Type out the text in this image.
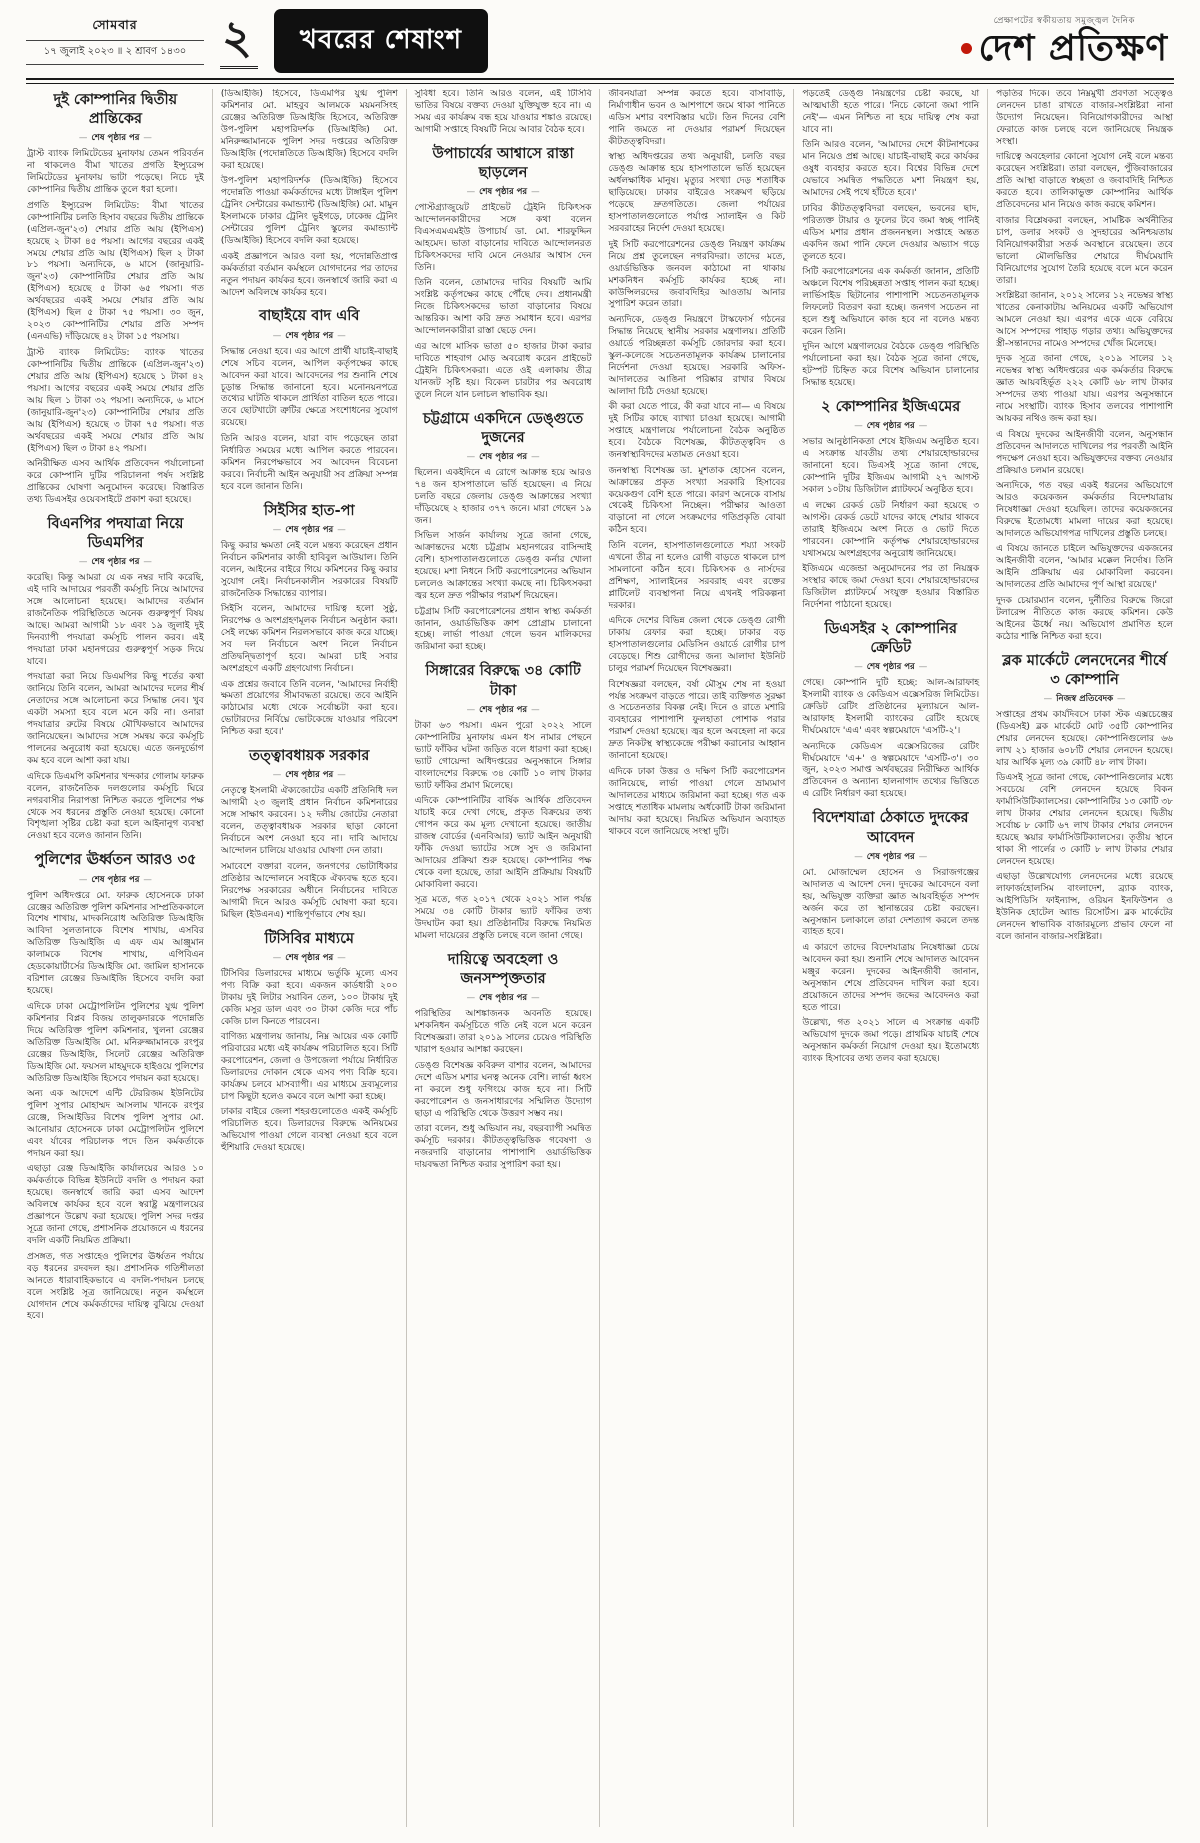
সোমবার
১৭ জুলাই ২০২৩ ॥ ২ শ্রাবণ ১৪৩০ ২	খবরের শেষাংশ
প্রেক্ষাপটের স্বকীয়তায় সমুজ্জ্বল দৈনিক
দেশ প্রতিক্ষণ
দুই কোম্পানির দ্বিতীয় প্রান্তিকের
— শেষ পৃষ্ঠার পর —

ট্রাস্ট ব্যাংক লিমিটেডের মুনাফায় তেমন পরিবর্তন না থাকলেও বীমা খাতের প্রগতি ইন্স্যুরেন্স লিমিটেডের মুনাফায় ভাটা পড়েছে। নিচে দুই কোম্পানির দ্বিতীয় প্রান্তিক তুলে ধরা হলো।

প্রগতি ইন্স্যুরেন্স লিমিটেড: বীমা খাতের কোম্পানিটির চলতি হিসাব বছরের দ্বিতীয় প্রান্তিকে (এপ্রিল-জুন'২৩) শেয়ার প্রতি আয় (ইপিএস) হয়েছে ২ টাকা ৪৫ পয়সা। আগের বছরের একই সময়ে শেয়ার প্রতি আয় (ইপিএস) ছিল ২ টাকা ৮১ পয়সা। অন্যদিকে, ৬ মাসে (জানুয়ারি-জুন'২৩) কোম্পানিটির শেয়ার প্রতি আয় (ইপিএস) হয়েছে ৫ টাকা ৬৫ পয়সা। গত অর্থবছরের একই সময়ে শেয়ার প্রতি আয় (ইপিএস) ছিল ৫ টাকা ৭৫ পয়সা। ৩০ জুন, ২০২৩ কোম্পানিটির শেয়ার প্রতি সম্পদ (এনএভি) দাঁড়িয়েছে ৪২ টাকা ১৫ পয়সায়।

ট্রাস্ট ব্যাংক লিমিটেড: ব্যাংক খাতের কোম্পানিটির দ্বিতীয় প্রান্তিকে (এপ্রিল-জুন'২৩) শেয়ার প্রতি আয় (ইপিএস) হয়েছে ১ টাকা ৪২ পয়সা। আগের বছরের একই সময়ে শেয়ার প্রতি আয় ছিল ১ টাকা ৩২ পয়সা। অন্যদিকে, ৬ মাসে (জানুয়ারি-জুন'২৩) কোম্পানিটির শেয়ার প্রতি আয় (ইপিএস) হয়েছে ৩ টাকা ৭৫ পয়সা। গত অর্থবছরের একই সময়ে শেয়ার প্রতি আয় (ইপিএস) ছিল ৩ টাকা ৪২ পয়সা।

অনিরীক্ষিত এসব আর্থিক প্রতিবেদন পর্যালোচনা করে কোম্পানি দুটির পরিচালনা পর্ষদ সংশ্লিষ্ট প্রান্তিকের ঘোষণা অনুমোদন করেছে। বিস্তারিত তথ্য ডিএসইর ওয়েবসাইটে প্রকাশ করা হয়েছে।

বিএনপির পদযাত্রা নিয়ে ডিএমপির
— শেষ পৃষ্ঠার পর —

করেছি। কিন্তু আমরা যে এক নম্বর দাবি করেছি, এই দাবি আদায়ের পরবর্তী কর্মসূচি নিয়ে আমাদের সঙ্গে আলোচনা হয়েছে। আমাদের বর্তমান রাজনৈতিক পরিস্থিতিতে অনেক গুরুত্বপূর্ণ বিষয় আছে। আমরা আগামী ১৮ এবং ১৯ জুলাই দুই দিনব্যাপী পদযাত্রা কর্মসূচি পালন করব। এই পদযাত্রা ঢাকা মহানগরের গুরুত্বপূর্ণ সড়ক দিয়ে যাবে।

পদযাত্রা করা নিয়ে ডিএমপির কিছু শর্তের কথা জানিয়ে তিনি বলেন, আমরা আমাদের দলের শীর্ষ নেতাদের সঙ্গে আলোচনা করে সিদ্ধান্ত নেব। খুব একটা সমস্যা হবে বলে মনে করি না। ওনারা পদযাত্রার রুটের বিষয়ে মৌখিকভাবে আমাদের জানিয়েছেন। আমাদের সঙ্গে সমন্বয় করে কর্মসূচি পালনের অনুরোধ করা হয়েছে। এতে জনদুর্ভোগ কম হবে বলে আশা করা যায়।

এদিকে ডিএমপি কমিশনার খন্দকার গোলাম ফারুক বলেন, রাজনৈতিক দলগুলোর কর্মসূচি ঘিরে নগরবাসীর নিরাপত্তা নিশ্চিত করতে পুলিশের পক্ষ থেকে সব ধরনের প্রস্তুতি নেওয়া হয়েছে। কোনো বিশৃঙ্খলা সৃষ্টির চেষ্টা করা হলে আইনানুগ ব্যবস্থা নেওয়া হবে বলেও জানান তিনি।

পুলিশের ঊর্ধ্বতন আরও ৩৫
— শেষ পৃষ্ঠার পর —

পুলিশ অধিদপ্তরে মো. ফারুক হোসেনকে ঢাকা রেঞ্জের অতিরিক্ত পুলিশ কমিশনার সাম্প্রতিককালে বিশেষ শাখায়, মাদকনিরোধ অতিরিক্ত ডিআইজি আবিদা সুলতানাকে বিশেষ শাখায়, এসবির অতিরিক্ত ডিআইজি এ এফ এম আঞ্জুমান কালামকে বিশেষ শাখায়, এপিবিএন হেডকোয়ার্টার্সের ডিআইজি মো. জামিল হাসানকে বরিশাল রেঞ্জের ডিআইজি হিসেবে বদলি করা হয়েছে।

এদিকে ঢাকা মেট্রোপলিটন পুলিশের যুগ্ম পুলিশ কমিশনার বিপ্লব বিজয় তালুকদারকে পদোন্নতি দিয়ে অতিরিক্ত পুলিশ কমিশনার, খুলনা রেঞ্জের অতিরিক্ত ডিআইজি মো. মনিরুজ্জামানকে রংপুর রেঞ্জের ডিআইজি, সিলেট রেঞ্জের অতিরিক্ত ডিআইজি মো. ফয়সল মাহমুদকে হাইওয়ে পুলিশের অতিরিক্ত ডিআইজি হিসেবে পদায়ন করা হয়েছে।

অন্য এক আদেশে এন্টি টেররিজম ইউনিটের পুলিশ সুপার মোহাম্মদ আসলাম খানকে রংপুর রেঞ্জে, সিআইডির বিশেষ পুলিশ সুপার মো. আনোয়ার হোসেনকে ঢাকা মেট্রোপলিটন পুলিশে এবং র্যাবের পরিচালক পদে তিন কর্মকর্তাকে পদায়ন করা হয়।

এছাড়া রেঞ্জ ডিআইজি কার্যালয়ের আরও ১০ কর্মকর্তাকে বিভিন্ন ইউনিটে বদলি ও পদায়ন করা হয়েছে। জনস্বার্থে জারি করা এসব আদেশ অবিলম্বে কার্যকর হবে বলে স্বরাষ্ট্র মন্ত্রণালয়ের প্রজ্ঞাপনে উল্লেখ করা হয়েছে। পুলিশ সদর দপ্তর সূত্রে জানা গেছে, প্রশাসনিক প্রয়োজনে এ ধরনের বদলি একটি নিয়মিত প্রক্রিয়া।

প্রসঙ্গত, গত সপ্তাহেও পুলিশের ঊর্ধ্বতন পর্যায়ে বড় ধরনের রদবদল হয়। প্রশাসনিক গতিশীলতা আনতে ধারাবাহিকভাবে এ বদলি-পদায়ন চলছে বলে সংশ্লিষ্ট সূত্র জানিয়েছে। নতুন কর্মস্থলে যোগদান শেষে কর্মকর্তাদের দায়িত্ব বুঝিয়ে দেওয়া হবে।

(ডিআইজি) হিসেবে, ডিএমপির যুগ্ম পুলিশ কমিশনার মো. মাহবুব আলমকে ময়মনসিংহ রেঞ্জের অতিরিক্ত ডিআইজি হিসেবে, অতিরিক্ত উপ-পুলিশ মহাপরিদর্শক (ডিআইজি) মো. মনিরুজ্জামানকে পুলিশ সদর দপ্তরের অতিরিক্ত ডিআইজি (পদোন্নতিতে ডিআইজি) হিসেবে বদলি করা হয়েছে।

উপ-পুলিশ মহাপরিদর্শক (ডিআইজি) হিসেবে পদোন্নতি পাওয়া কর্মকর্তাদের মধ্যে টাঙ্গাইল পুলিশ ট্রেনিং সেন্টারের কমান্ড্যান্ট (ডিআইজি) মো. মামুন ইসলামকে ঢাকার ট্রেনিং ভুইগড়ে, ঢাকেন্দ্র ট্রেনিং সেন্টারের পুলিশ ট্রেনিং স্কুলের কমান্ড্যান্ট (ডিআইজি) হিসেবে বদলি করা হয়েছে।

একই প্রজ্ঞাপনে আরও বলা হয়, পদোন্নতিপ্রাপ্ত কর্মকর্তারা বর্তমান কর্মস্থলে যোগদানের পর তাদের নতুন পদায়ন কার্যকর হবে। জনস্বার্থে জারি করা এ আদেশ অবিলম্বে কার্যকর হবে।

বাছাইয়ে বাদ এবি
— শেষ পৃষ্ঠার পর —

সিদ্ধান্ত নেওয়া হবে। এর আগে প্রার্থী যাচাই-বাছাই শেষে সচিব বলেন, আপিল কর্তৃপক্ষের কাছে আবেদন করা যাবে। আবেদনের পর শুনানি শেষে চূড়ান্ত সিদ্ধান্ত জানানো হবে। মনোনয়নপত্রে তথ্যের ঘাটতি থাকলে প্রার্থিতা বাতিল হতে পারে। তবে ছোটখাটো ত্রুটির ক্ষেত্রে সংশোধনের সুযোগ রয়েছে।

তিনি আরও বলেন, যারা বাদ পড়েছেন তারা নির্ধারিত সময়ের মধ্যে আপিল করতে পারবেন। কমিশন নিরপেক্ষভাবে সব আবেদন বিবেচনা করবে। নির্বাচনী আইন অনুযায়ী সব প্রক্রিয়া সম্পন্ন হবে বলে জানান তিনি।

সিইসির হাত-পা
— শেষ পৃষ্ঠার পর —

কিছু করার ক্ষমতা নেই বলে মন্তব্য করেছেন প্রধান নির্বাচন কমিশনার কাজী হাবিবুল আউয়াল। তিনি বলেন, আইনের বাইরে গিয়ে কমিশনের কিছু করার সুযোগ নেই। নির্বাচনকালীন সরকারের বিষয়টি রাজনৈতিক সিদ্ধান্তের ব্যাপার।

সিইসি বলেন, আমাদের দায়িত্ব হলো সুষ্ঠু, নিরপেক্ষ ও অংশগ্রহণমূলক নির্বাচন অনুষ্ঠান করা। সেই লক্ষ্যে কমিশন নিরলসভাবে কাজ করে যাচ্ছে। সব দল নির্বাচনে অংশ নিলে নির্বাচন প্রতিদ্বন্দ্বিতাপূর্ণ হবে। আমরা চাই সবার অংশগ্রহণে একটি গ্রহণযোগ্য নির্বাচন।

এক প্রশ্নের জবাবে তিনি বলেন, 'আমাদের নির্বাহী ক্ষমতা প্রয়োগের সীমাবদ্ধতা রয়েছে। তবে আইনি কাঠামোর মধ্যে থেকে সর্বোচ্চটা করা হবে। ভোটারদের নির্বিঘ্নে ভোটকেন্দ্রে যাওয়ার পরিবেশ নিশ্চিত করা হবে।'

তত্ত্বাবধায়ক সরকার
— শেষ পৃষ্ঠার পর —

নেতৃত্বে ইসলামী ঐক্যজোটের একটি প্রতিনিধি দল আগামী ২৩ জুলাই প্রধান নির্বাচন কমিশনারের সঙ্গে সাক্ষাৎ করবেন। ১২ দলীয় জোটের নেতারা বলেন, তত্ত্বাবধায়ক সরকার ছাড়া কোনো নির্বাচনে অংশ নেওয়া হবে না। দাবি আদায়ে আন্দোলন চালিয়ে যাওয়ার ঘোষণা দেন তারা।

সমাবেশে বক্তারা বলেন, জনগণের ভোটাধিকার প্রতিষ্ঠার আন্দোলনে সবাইকে ঐক্যবদ্ধ হতে হবে। নিরপেক্ষ সরকারের অধীনে নির্বাচনের দাবিতে আগামী দিনে আরও কর্মসূচি ঘোষণা করা হবে। মিছিল (ইউএনএ) শান্তিপূর্ণভাবে শেষ হয়।

টিসিবির মাধ্যমে
— শেষ পৃষ্ঠার পর —

টিসিবির ডিলারদের মাধ্যমে ভর্তুকি মূল্যে এসব পণ্য বিক্রি করা হবে। একজন কার্ডধারী ২০০ টাকায় দুই লিটার সয়াবিন তেল, ১০০ টাকায় দুই কেজি মসুর ডাল এবং ৩০ টাকা কেজি দরে পাঁচ কেজি চাল কিনতে পারবেন।

বাণিজ্য মন্ত্রণালয় জানায়, নিম্ন আয়ের এক কোটি পরিবারের মধ্যে এই কার্যক্রম পরিচালিত হবে। সিটি করপোরেশন, জেলা ও উপজেলা পর্যায়ে নির্ধারিত ডিলারদের দোকান থেকে এসব পণ্য বিক্রি হবে। কার্যক্রম চলবে মাসব্যাপী। এর মাধ্যমে দ্রব্যমূল্যের চাপ কিছুটা হলেও কমবে বলে আশা করা হচ্ছে।

ঢাকার বাইরে জেলা শহরগুলোতেও একই কর্মসূচি পরিচালিত হবে। ডিলারদের বিরুদ্ধে অনিয়মের অভিযোগ পাওয়া গেলে ব্যবস্থা নেওয়া হবে বলে হুঁশিয়ারি দেওয়া হয়েছে।

সুবিধা হবে। তিনি আরও বলেন, এই টিসিবি ভাতির বিষয়ে বক্তব্য দেওয়া যুক্তিযুক্ত হবে না। এ সময় এর কার্যক্রম বন্ধ হয়ে যাওয়ার শঙ্কাও রয়েছে। আগামী সপ্তাহে বিষয়টি নিয়ে আবার বৈঠক হবে।

উপাচার্যের আশ্বাসে রাস্তা ছাড়লেন
— শেষ পৃষ্ঠার পর —

পোস্টগ্র্যাজুয়েট প্রাইভেট ট্রেইনি চিকিৎসক আন্দোলনকারীদের সঙ্গে কথা বলেন বিএসএমএমইউ উপাচার্য ডা. মো. শারফুদ্দিন আহমেদ। ভাতা বাড়ানোর দাবিতে আন্দোলনরত চিকিৎসকদের দাবি মেনে নেওয়ার আশ্বাস দেন তিনি।

তিনি বলেন, তোমাদের দাবির বিষয়টি আমি সংশ্লিষ্ট কর্তৃপক্ষের কাছে পৌঁছে দেব। প্রধানমন্ত্রী নিজে চিকিৎসকদের ভাতা বাড়ানোর বিষয়ে আন্তরিক। আশা করি দ্রুত সমাধান হবে। এরপর আন্দোলনকারীরা রাস্তা ছেড়ে দেন।

এর আগে মাসিক ভাতা ৫০ হাজার টাকা করার দাবিতে শাহবাগ মোড় অবরোধ করেন প্রাইভেট ট্রেইনি চিকিৎসকরা। এতে ওই এলাকায় তীব্র যানজট সৃষ্টি হয়। বিকেল চারটার পর অবরোধ তুলে নিলে যান চলাচল স্বাভাবিক হয়।

চট্টগ্রামে একদিনে ডেঙ্গুতে দুজনের
— শেষ পৃষ্ঠার পর —

ছিলেন। একইদিনে এ রোগে আক্রান্ত হয়ে আরও ৭৪ জন হাসপাতালে ভর্তি হয়েছেন। এ নিয়ে চলতি বছরে জেলায় ডেঙ্গু আক্রান্তের সংখ্যা দাঁড়িয়েছে ২ হাজার ৩৭৭ জনে। মারা গেছেন ১৯ জন।

সিভিল সার্জন কার্যালয় সূত্রে জানা গেছে, আক্রান্তদের মধ্যে চট্টগ্রাম মহানগরের বাসিন্দাই বেশি। হাসপাতালগুলোতে ডেঙ্গু কর্নার খোলা হয়েছে। মশা নিধনে সিটি করপোরেশনের অভিযান চললেও আক্রান্তের সংখ্যা কমছে না। চিকিৎসকরা জ্বর হলে দ্রুত পরীক্ষার পরামর্শ দিয়েছেন।

চট্টগ্রাম সিটি করপোরেশনের প্রধান স্বাস্থ্য কর্মকর্তা জানান, ওয়ার্ডভিত্তিক ক্রাশ প্রোগ্রাম চালানো হচ্ছে। লার্ভা পাওয়া গেলে ভবন মালিকদের জরিমানা করা হচ্ছে।

সিঙ্গারের বিরুদ্ধে ৩৪ কোটি টাকা
— শেষ পৃষ্ঠার পর —

টাকা ৬৩ পয়সা। এমন পুরো ২০২২ সালে কোম্পানিটির মুনাফায় এমন ধস নামার পেছনে ভ্যাট ফাঁকির ঘটনা জড়িত বলে ধারণা করা হচ্ছে। ভ্যাট গোয়েন্দা অধিদপ্তরের অনুসন্ধানে সিঙ্গার বাংলাদেশের বিরুদ্ধে ৩৪ কোটি ১০ লাখ টাকার ভ্যাট ফাঁকির প্রমাণ মিলেছে।

এদিকে কোম্পানিটির বার্ষিক আর্থিক প্রতিবেদন যাচাই করে দেখা গেছে, প্রকৃত বিক্রয়ের তথ্য গোপন করে কম মূল্য দেখানো হয়েছে। জাতীয় রাজস্ব বোর্ডের (এনবিআর) ভ্যাট আইন অনুযায়ী ফাঁকি দেওয়া ভ্যাটের সঙ্গে সুদ ও জরিমানা আদায়ের প্রক্রিয়া শুরু হয়েছে। কোম্পানির পক্ষ থেকে বলা হয়েছে, তারা আইনি প্রক্রিয়ায় বিষয়টি মোকাবিলা করবে।

সূত্র মতে, গত ২০১৭ থেকে ২০২১ সাল পর্যন্ত সময়ে ৩৪ কোটি টাকার ভ্যাট ফাঁকির তথ্য উদঘাটন করা হয়। প্রতিষ্ঠানটির বিরুদ্ধে নিয়মিত মামলা দায়েরের প্রস্তুতি চলছে বলে জানা গেছে।

দায়িত্বে অবহেলা ও জনসম্পৃক্ততার
— শেষ পৃষ্ঠার পর —

পরিস্থিতির আশঙ্কাজনক অবনতি হয়েছে। মশকনিধন কর্মসূচিতে গতি নেই বলে মনে করেন বিশেষজ্ঞরা। তারা ২০১৯ সালের চেয়েও পরিস্থিতি খারাপ হওয়ার আশঙ্কা করছেন।

ডেঙ্গু বিশেষজ্ঞ কবিরুল বাশার বলেন, আমাদের দেশে এডিস মশার ঘনত্ব অনেক বেশি। লার্ভা ধ্বংস না করলে শুধু ফগিংয়ে কাজ হবে না। সিটি করপোরেশন ও জনসাধারণের সম্মিলিত উদ্যোগ ছাড়া এ পরিস্থিতি থেকে উত্তরণ সম্ভব নয়।

তারা বলেন, শুধু অভিযান নয়, বছরব্যাপী সমন্বিত কর্মসূচি দরকার। কীটতত্ত্বভিত্তিক গবেষণা ও নজরদারি বাড়ানোর পাশাপাশি ওয়ার্ডভিত্তিক দায়বদ্ধতা নিশ্চিত করার সুপারিশ করা হয়।

জীবনযাত্রা সম্পন্ন করতে হবে। বাসাবাড়ি, নির্মাণাধীন ভবন ও আশপাশে জমে থাকা পানিতে এডিস মশার বংশবিস্তার ঘটে। তিন দিনের বেশি পানি জমতে না দেওয়ার পরামর্শ দিয়েছেন কীটতত্ত্ববিদরা।

স্বাস্থ্য অধিদপ্তরের তথ্য অনুযায়ী, চলতি বছর ডেঙ্গু আক্রান্ত হয়ে হাসপাতালে ভর্তি হয়েছেন অর্ধলক্ষাধিক মানুষ। মৃত্যুর সংখ্যা দেড় শতাধিক ছাড়িয়েছে। ঢাকার বাইরেও সংক্রমণ ছড়িয়ে পড়েছে দ্রুতগতিতে। জেলা পর্যায়ের হাসপাতালগুলোতে পর্যাপ্ত স্যালাইন ও কিট সরবরাহের নির্দেশ দেওয়া হয়েছে।

দুই সিটি করপোরেশনের ডেঙ্গু নিয়ন্ত্রণ কার্যক্রম নিয়ে প্রশ্ন তুলেছেন নগরবিদরা। তাদের মতে, ওয়ার্ডভিত্তিক জনবল কাঠামো না থাকায় মশকনিধন কর্মসূচি কার্যকর হচ্ছে না। কাউন্সিলরদের জবাবদিহির আওতায় আনার সুপারিশ করেন তারা।

অন্যদিকে, ডেঙ্গু নিয়ন্ত্রণে টাস্কফোর্স গঠনের সিদ্ধান্ত নিয়েছে স্থানীয় সরকার মন্ত্রণালয়। প্রতিটি ওয়ার্ডে পরিচ্ছন্নতা কর্মসূচি জোরদার করা হবে। স্কুল-কলেজে সচেতনতামূলক কার্যক্রম চালানোর নির্দেশনা দেওয়া হয়েছে। সরকারি অফিস-আদালতের আঙিনা পরিষ্কার রাখার বিষয়ে আলাদা চিঠি দেওয়া হয়েছে।

কী করা যেতে পারে, কী করা যাবে না— এ বিষয়ে দুই সিটির কাছে ব্যাখ্যা চাওয়া হয়েছে। আগামী সপ্তাহে মন্ত্রণালয়ে পর্যালোচনা বৈঠক অনুষ্ঠিত হবে। বৈঠকে বিশেষজ্ঞ, কীটতত্ত্ববিদ ও জনস্বাস্থ্যবিদদের মতামত নেওয়া হবে।

জনস্বাস্থ্য বিশেষজ্ঞ ডা. মুশতাক হোসেন বলেন, আক্রান্তের প্রকৃত সংখ্যা সরকারি হিসাবের কয়েকগুণ বেশি হতে পারে। কারণ অনেকে বাসায় থেকেই চিকিৎসা নিচ্ছেন। পরীক্ষার আওতা বাড়ানো না গেলে সংক্রমণের গতিপ্রকৃতি বোঝা কঠিন হবে।

তিনি বলেন, হাসপাতালগুলোতে শয্যা সংকট এখনো তীব্র না হলেও রোগী বাড়তে থাকলে চাপ সামলানো কঠিন হবে। চিকিৎসক ও নার্সদের প্রশিক্ষণ, স্যালাইনের সরবরাহ এবং রক্তের প্লাটিলেট ব্যবস্থাপনা নিয়ে এখনই পরিকল্পনা দরকার।

এদিকে দেশের বিভিন্ন জেলা থেকে ডেঙ্গু রোগী ঢাকায় রেফার করা হচ্ছে। ঢাকার বড় হাসপাতালগুলোর মেডিসিন ওয়ার্ডে রোগীর চাপ বেড়েছে। শিশু রোগীদের জন্য আলাদা ইউনিট চালুর পরামর্শ দিয়েছেন বিশেষজ্ঞরা।

বিশেষজ্ঞরা বলছেন, বর্ষা মৌসুম শেষ না হওয়া পর্যন্ত সংক্রমণ বাড়তে পারে। তাই ব্যক্তিগত সুরক্ষা ও সচেতনতার বিকল্প নেই। দিনে ও রাতে মশারি ব্যবহারের পাশাপাশি ফুলহাতা পোশাক পরার পরামর্শ দেওয়া হয়েছে। জ্বর হলে অবহেলা না করে দ্রুত নিকটস্থ স্বাস্থ্যকেন্দ্রে পরীক্ষা করানোর আহ্বান জানানো হয়েছে।

এদিকে ঢাকা উত্তর ও দক্ষিণ সিটি করপোরেশন জানিয়েছে, লার্ভা পাওয়া গেলে ভ্রাম্যমাণ আদালতের মাধ্যমে জরিমানা করা হচ্ছে। গত এক সপ্তাহে শতাধিক মামলায় অর্ধকোটি টাকা জরিমানা আদায় করা হয়েছে। নিয়মিত অভিযান অব্যাহত থাকবে বলে জানিয়েছে সংস্থা দুটি।

পড়তেই ডেঙ্গু নিয়ন্ত্রণের চেষ্টা করছে, যা আত্মঘাতী হতে পারে। 'নিচে কোনো জমা পানি নেই'— এমন নিশ্চিত না হয়ে দায়িত্ব শেষ করা যাবে না।

তিনি আরও বলেন, 'আমাদের দেশে কীটনাশকের মান নিয়েও প্রশ্ন আছে। যাচাই-বাছাই করে কার্যকর ওষুধ ব্যবহার করতে হবে। বিশ্বের বিভিন্ন দেশে যেভাবে সমন্বিত পদ্ধতিতে মশা নিয়ন্ত্রণ হয়, আমাদের সেই পথে হাঁটতে হবে।'

ঢাবির কীটতত্ত্ববিদরা বলছেন, ভবনের ছাদ, পরিত্যক্ত টায়ার ও ফুলের টবে জমা স্বচ্ছ পানিই এডিস মশার প্রধান প্রজননস্থল। সপ্তাহে অন্তত একদিন জমা পানি ফেলে দেওয়ার অভ্যাস গড়ে তুলতে হবে।

সিটি করপোরেশনের এক কর্মকর্তা জানান, প্রতিটি অঞ্চলে বিশেষ পরিচ্ছন্নতা সপ্তাহ পালন করা হচ্ছে। লার্ভিসাইড ছিটানোর পাশাপাশি সচেতনতামূলক লিফলেট বিতরণ করা হচ্ছে। জনগণ সচেতন না হলে শুধু অভিযানে কাজ হবে না বলেও মন্তব্য করেন তিনি।

দুদিন আগে মন্ত্রণালয়ের বৈঠকে ডেঙ্গু পরিস্থিতি পর্যালোচনা করা হয়। বৈঠক সূত্রে জানা গেছে, হটস্পট চিহ্নিত করে বিশেষ অভিযান চালানোর সিদ্ধান্ত হয়েছে।

২ কোম্পানির ইজিএমের
— শেষ পৃষ্ঠার পর —

সভার আনুষ্ঠানিকতা শেষে ইজিএম অনুষ্ঠিত হবে। এ সংক্রান্ত যাবতীয় তথ্য শেয়ারহোল্ডারদের জানানো হবে। ডিএসই সূত্রে জানা গেছে, কোম্পানি দুটির ইজিএম আগামী ২৭ আগস্ট সকাল ১০টায় ডিজিটাল প্ল্যাটফর্মে অনুষ্ঠিত হবে।

এ লক্ষ্যে রেকর্ড ডেট নির্ধারণ করা হয়েছে ৩ আগস্ট। রেকর্ড ডেটে যাদের কাছে শেয়ার থাকবে তারাই ইজিএমে অংশ নিতে ও ভোট দিতে পারবেন। কোম্পানি কর্তৃপক্ষ শেয়ারহোল্ডারদের যথাসময়ে অংশগ্রহণের অনুরোধ জানিয়েছে।

ইজিএমে এজেন্ডা অনুমোদনের পর তা নিয়ন্ত্রক সংস্থার কাছে জমা দেওয়া হবে। শেয়ারহোল্ডারদের ডিজিটাল প্ল্যাটফর্মে সংযুক্ত হওয়ার বিস্তারিত নির্দেশনা পাঠানো হয়েছে।

ডিএসইর ২ কোম্পানির ক্রেডিট
— শেষ পৃষ্ঠার পর —

গেছে। কোম্পানি দুটি হচ্ছে: আল-আরাফাহ ইসলামী ব্যাংক ও কেডিএস এক্সেসরিজ লিমিটেড। ক্রেডিট রেটিং প্রতিষ্ঠানের মূল্যায়নে আল-আরাফাহ ইসলামী ব্যাংকের রেটিং হয়েছে দীর্ঘমেয়াদে 'এএ' এবং স্বল্পমেয়াদে 'এসটি-২'।

অন্যদিকে কেডিএস এক্সেসরিজের রেটিং দীর্ঘমেয়াদে 'এ+' ও স্বল্পমেয়াদে 'এসটি-৩'। ৩০ জুন, ২০২৩ সমাপ্ত অর্থবছরের নিরীক্ষিত আর্থিক প্রতিবেদন ও অন্যান্য হালনাগাদ তথ্যের ভিত্তিতে এ রেটিং নির্ধারণ করা হয়েছে।

বিদেশযাত্রা ঠেকাতে দুদকের আবেদন
— শেষ পৃষ্ঠার পর —

মো. মোজাম্মেল হোসেন ও সিরাজগঞ্জের আদালত এ আদেশ দেন। দুদকের আবেদনে বলা হয়, অভিযুক্ত ব্যক্তিরা জ্ঞাত আয়বহির্ভূত সম্পদ অর্জন করে তা স্থানান্তরের চেষ্টা করছেন। অনুসন্ধান চলাকালে তারা দেশত্যাগ করলে তদন্ত ব্যাহত হবে।

এ কারণে তাদের বিদেশযাত্রায় নিষেধাজ্ঞা চেয়ে আবেদন করা হয়। শুনানি শেষে আদালত আবেদন মঞ্জুর করেন। দুদকের আইনজীবী জানান, অনুসন্ধান শেষে প্রতিবেদন দাখিল করা হবে। প্রয়োজনে তাদের সম্পদ জব্দের আবেদনও করা হতে পারে।

উল্লেখ্য, গত ২০২১ সালে এ সংক্রান্ত একটি অভিযোগ দুদকে জমা পড়ে। প্রাথমিক যাচাই শেষে অনুসন্ধান কর্মকর্তা নিয়োগ দেওয়া হয়। ইতোমধ্যে ব্যাংক হিসাবের তথ্য তলব করা হয়েছে।

পড়তির দিকে। তবে নিম্নমুখী প্রবণতা সত্ত্বেও লেনদেন চাঙা রাখতে বাজার-সংশ্লিষ্টরা নানা উদ্যোগ নিয়েছেন। বিনিয়োগকারীদের আস্থা ফেরাতে কাজ চলছে বলে জানিয়েছে নিয়ন্ত্রক সংস্থা।

দায়িত্বে অবহেলার কোনো সুযোগ নেই বলে মন্তব্য করেছেন সংশ্লিষ্টরা। তারা বলছেন, পুঁজিবাজারের প্রতি আস্থা বাড়াতে স্বচ্ছতা ও জবাবদিহি নিশ্চিত করতে হবে। তালিকাভুক্ত কোম্পানির আর্থিক প্রতিবেদনের মান নিয়েও কাজ করছে কমিশন।

বাজার বিশ্লেষকরা বলছেন, সামষ্টিক অর্থনীতির চাপ, ডলার সংকট ও সুদহারের অনিশ্চয়তায় বিনিয়োগকারীরা সতর্ক অবস্থানে রয়েছেন। তবে ভালো মৌলভিত্তির শেয়ারে দীর্ঘমেয়াদি বিনিয়োগের সুযোগ তৈরি হয়েছে বলে মনে করেন তারা।

সংশ্লিষ্টরা জানান, ২০১২ সালের ১২ নভেম্বর স্বাস্থ্য খাতের কেনাকাটায় অনিয়মের একটি অভিযোগ আমলে নেওয়া হয়। এরপর একে একে বেরিয়ে আসে সম্পদের পাহাড় গড়ার তথ্য। অভিযুক্তদের স্ত্রী-সন্তানদের নামেও সম্পদের খোঁজ মিলেছে।

দুদক সূত্রে জানা গেছে, ২০১৯ সালের ১২ নভেম্বর স্বাস্থ্য অধিদপ্তরের এক কর্মকর্তার বিরুদ্ধে জ্ঞাত আয়বহির্ভূত ২২২ কোটি ৬৮ লাখ টাকার সম্পদের তথ্য পাওয়া যায়। এরপর অনুসন্ধানে নামে সংস্থাটি। ব্যাংক হিসাব তলবের পাশাপাশি আয়কর নথিও জব্দ করা হয়।

এ বিষয়ে দুদকের আইনজীবী বলেন, অনুসন্ধান প্রতিবেদন আদালতে দাখিলের পর পরবর্তী আইনি পদক্ষেপ নেওয়া হবে। অভিযুক্তদের বক্তব্য নেওয়ার প্রক্রিয়াও চলমান রয়েছে।

অন্যদিকে, গত বছর একই ধরনের অভিযোগে আরও কয়েকজন কর্মকর্তার বিদেশযাত্রায় নিষেধাজ্ঞা দেওয়া হয়েছিল। তাদের কয়েকজনের বিরুদ্ধে ইতোমধ্যে মামলা দায়ের করা হয়েছে। আদালতে অভিযোগপত্র দাখিলের প্রস্তুতি চলছে।

এ বিষয়ে জানতে চাইলে অভিযুক্তদের একজনের আইনজীবী বলেন, 'আমার মক্কেল নির্দোষ। তিনি আইনি প্রক্রিয়ায় এর মোকাবিলা করবেন। আদালতের প্রতি আমাদের পূর্ণ আস্থা রয়েছে।'

দুদক চেয়ারম্যান বলেন, দুর্নীতির বিরুদ্ধে জিরো টলারেন্স নীতিতে কাজ করছে কমিশন। কেউ আইনের ঊর্ধ্বে নয়। অভিযোগ প্রমাণিত হলে কঠোর শাস্তি নিশ্চিত করা হবে।

ব্লক মার্কেটে লেনদেনের শীর্ষে ৩ কোম্পানি
— নিজস্ব প্রতিবেদক —

সপ্তাহের প্রথম কার্যদিবসে ঢাকা স্টক এক্সচেঞ্জের (ডিএসই) ব্লক মার্কেটে মোট ৩৫টি কোম্পানির শেয়ার লেনদেন হয়েছে। কোম্পানিগুলোর ৬৬ লাখ ২১ হাজার ৬০৮টি শেয়ার লেনদেন হয়েছে। যার আর্থিক মূল্য ৩৯ কোটি ৪৮ লাখ টাকা।

ডিএসই সূত্রে জানা গেছে, কোম্পানিগুলোর মধ্যে সবচেয়ে বেশি লেনদেন হয়েছে বিকন ফার্মাসিউটিক্যালসের। কোম্পানিটির ১৩ কোটি ৩৮ লাখ টাকার শেয়ার লেনদেন হয়েছে। দ্বিতীয় সর্বোচ্চ ৮ কোটি ৬৭ লাখ টাকার শেয়ার লেনদেন হয়েছে স্কয়ার ফার্মাসিউটিক্যালসের। তৃতীয় স্থানে থাকা সী পার্লের ৩ কোটি ৮ লাখ টাকার শেয়ার লেনদেন হয়েছে।

এছাড়া উল্লেখযোগ্য লেনদেনের মধ্যে রয়েছে লাফার্জহোলসিম বাংলাদেশ, ব্র্যাক ব্যাংক, আইপিডিসি ফাইন্যান্স, ওরিয়ন ইনফিউশন ও ইউনিক হোটেল অ্যান্ড রিসোর্টস। ব্লক মার্কেটের লেনদেন স্বাভাবিক বাজারমূল্যে প্রভাব ফেলে না বলে জানান বাজার-সংশ্লিষ্টরা।
